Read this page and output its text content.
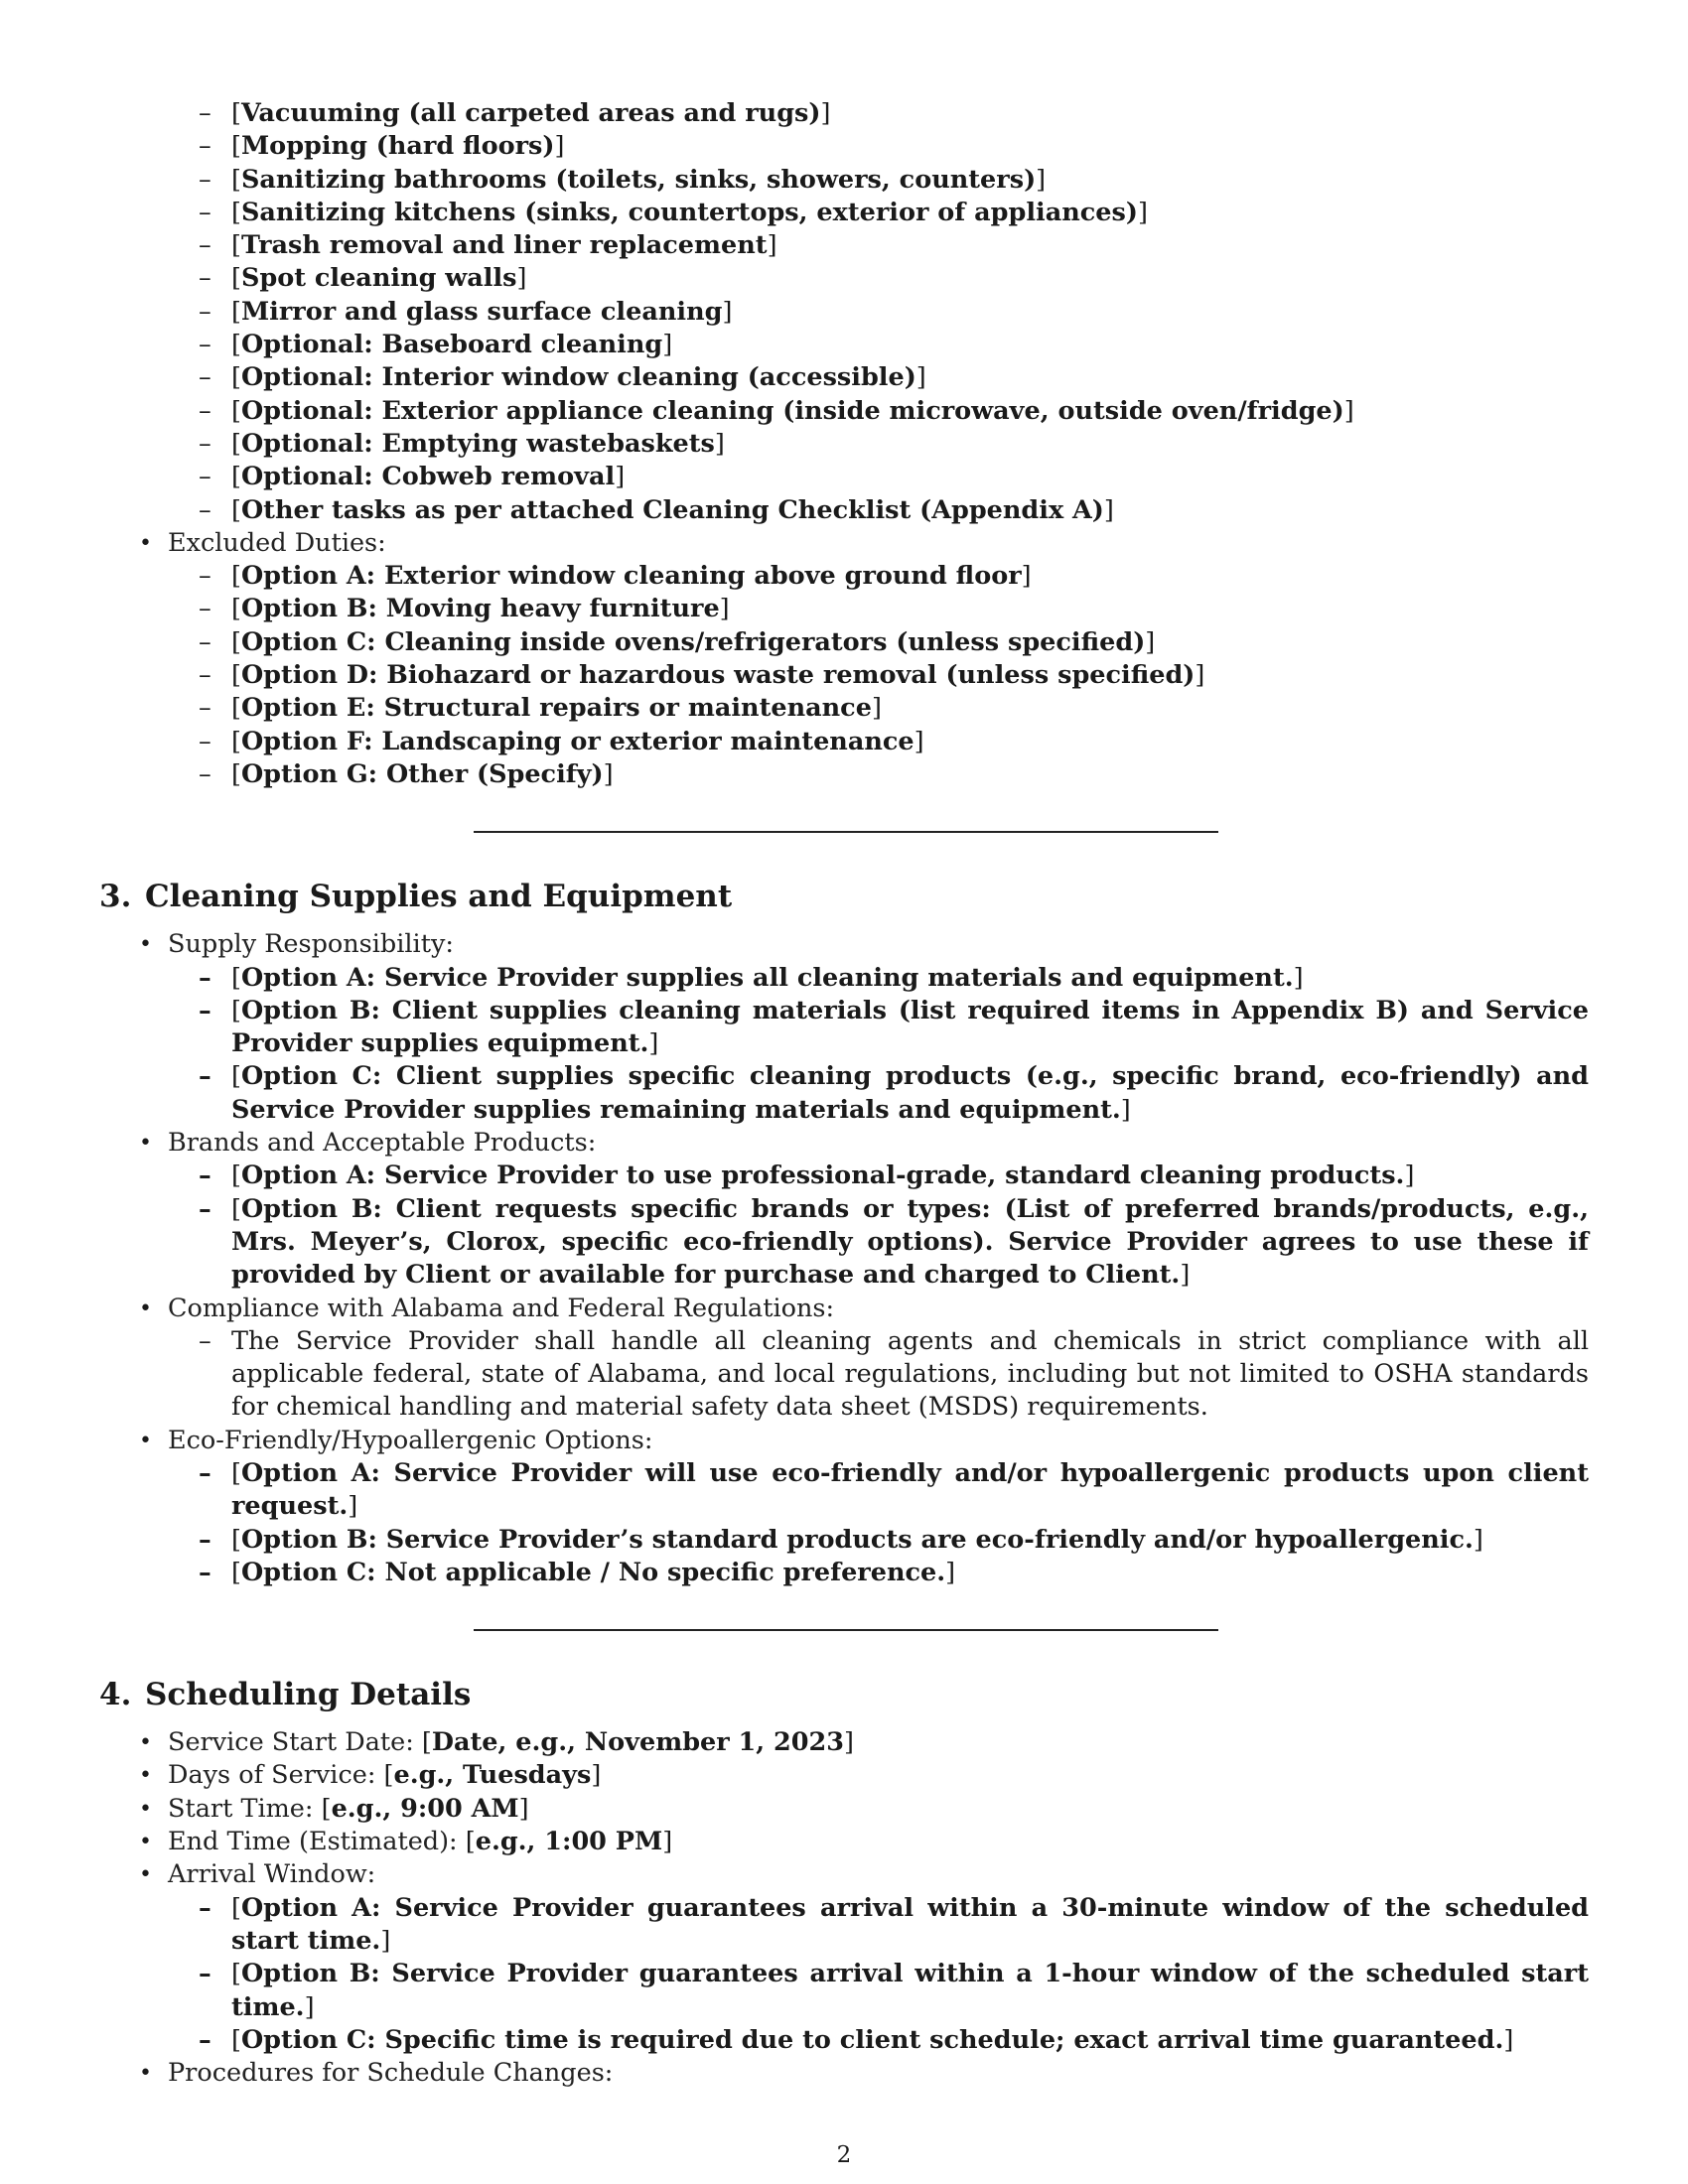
– [Vacuuming (all carpeted areas and rugs)]
– [Mopping (hard floors)]
– [Sanitizing bathrooms (toilets, sinks, showers, counters)]
– [Sanitizing kitchens (sinks, countertops, exterior of appliances)]
– [Trash removal and liner replacement]
– [Spot cleaning walls]
– [Mirror and glass surface cleaning]
– [Optional: Baseboard cleaning]
– [Optional: Interior window cleaning (accessible)]
– [Optional: Exterior appliance cleaning (inside microwave, outside oven/fridge)]
– [Optional: Emptying wastebaskets]
– [Optional: Cobweb removal]
– [Other tasks as per attached Cleaning Checklist (Appendix A)]
• Excluded Duties:
– [Option A: Exterior window cleaning above ground floor]
– [Option B: Moving heavy furniture]
– [Option C: Cleaning inside ovens/refrigerators (unless specified)]
– [Option D: Biohazard or hazardous waste removal (unless specified)]
– [Option E: Structural repairs or maintenance]
– [Option F: Landscaping or exterior maintenance]
– [Option G: Other (Specify)]
3. Cleaning Supplies and Equipment
• Supply Responsibility:
– [Option A: Service Provider supplies all cleaning materials and equipment.]
– [Option B: Client supplies cleaning materials (list required items in Appendix B) and Service Provider supplies equipment.]
– [Option C: Client supplies specific cleaning products (e.g., specific brand, eco-friendly) and Service Provider supplies remaining materials and equipment.]
• Brands and Acceptable Products:
– [Option A: Service Provider to use professional-grade, standard cleaning products.]
– [Option B: Client requests specific brands or types: (List of preferred brands/products, e.g., Mrs. Meyer’s, Clorox, specific eco-friendly options). Service Provider agrees to use these if provided by Client or available for purchase and charged to Client.]
• Compliance with Alabama and Federal Regulations:
– The Service Provider shall handle all cleaning agents and chemicals in strict compliance with all applicable federal, state of Alabama, and local regulations, including but not limited to OSHA standards for chemical handling and material safety data sheet (MSDS) requirements.
• Eco-Friendly/Hypoallergenic Options:
– [Option A: Service Provider will use eco-friendly and/or hypoallergenic products upon client request.]
– [Option B: Service Provider’s standard products are eco-friendly and/or hypoallergenic.]
– [Option C: Not applicable / No specific preference.]
4. Scheduling Details
• Service Start Date: [Date, e.g., November 1, 2023]
• Days of Service: [e.g., Tuesdays]
• Start Time: [e.g., 9:00 AM]
• End Time (Estimated): [e.g., 1:00 PM]
• Arrival Window:
– [Option A: Service Provider guarantees arrival within a 30-minute window of the scheduled start time.]
– [Option B: Service Provider guarantees arrival within a 1-hour window of the scheduled start time.]
– [Option C: Specific time is required due to client schedule; exact arrival time guaranteed.]
• Procedures for Schedule Changes:
2
